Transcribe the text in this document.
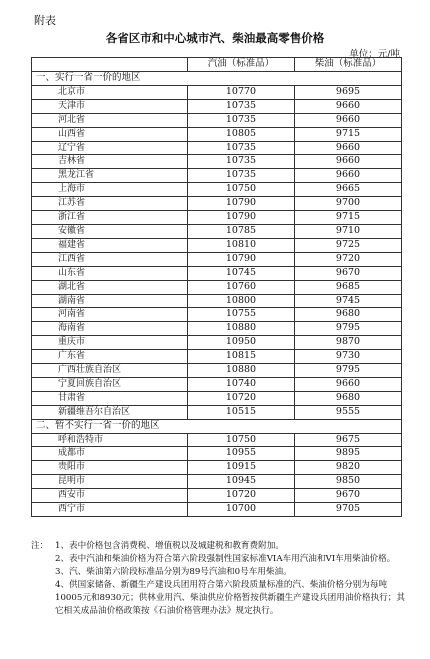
附表
各省区市和中心城市汽、柴油最高零售价格
单位：元/吨
	汽油（标准品）	柴油（标准品）
一、实行一省一价的地区		
北京市	10770	9695
天津市	10735	9660
河北省	10735	9660
山西省	10805	9715
辽宁省	10735	9660
吉林省	10735	9660
黑龙江省	10735	9660
上海市	10750	9665
江苏省	10790	9700
浙江省	10790	9715
安徽省	10785	9710
福建省	10810	9725
江西省	10790	9720
山东省	10745	9670
湖北省	10760	9685
湖南省	10800	9745
河南省	10755	9680
海南省	10880	9795
重庆市	10950	9870
广东省	10815	9730
广西壮族自治区	10880	9795
宁夏回族自治区	10740	9660
甘肃省	10720	9680
新疆维吾尔自治区	10515	9555
二、暂不实行一省一价的地区		
呼和浩特市	10750	9675
成都市	10955	9895
贵阳市	10915	9820
昆明市	10945	9850
西安市	10720	9670
西宁市	10700	9705
注： 1、表中价格包含消费税、增值税以及城建税和教育费附加。
2、表中汽油和柴油价格为符合第六阶段强制性国家标准VIA车用汽油和VI车用柴油价格。
3、汽、柴油第六阶段标准品分别为89号汽油和0号车用柴油。
4、供国家储备、新疆生产建设兵团用符合第六阶段质量标准的汽、柴油价格分别为每吨10005元和8930元；供林业用汽、柴油供应价格暂按供新疆生产建设兵团用油价格执行；其它相关成品油价格政策按《石油价格管理办法》规定执行。
